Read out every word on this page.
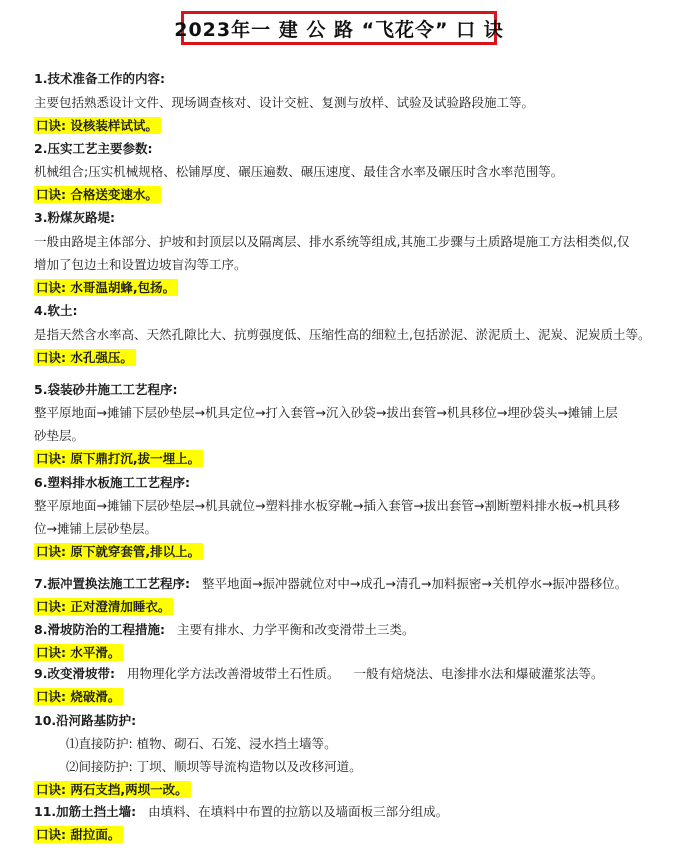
2023年一 建 公 路 “飞花令” 口 诀
1.技术准备工作的内容:
主要包括熟悉设计文件、现场调查核对、设计交桩、复测与放样、试验及试验路段施工等。
口诀: 设核装样试试。
2.压实工艺主要参数:
机械组合;压实机械规格、松铺厚度、碾压遍数、碾压速度、最佳含水率及碾压时含水率范围等。
口诀: 合格送变速水。
3.粉煤灰路堤:
一般由路堤主体部分、护坡和封顶层以及隔离层、排水系统等组成,其施工步骤与土质路堤施工方法相类似,仅
增加了包边土和设置边坡盲沟等工序。
口诀: 水哥温胡蜂,包扬。
4.软土:
是指天然含水率高、天然孔隙比大、抗剪强度低、压缩性高的细粒土,包括淤泥、淤泥质土、泥炭、泥炭质土等。
口诀: 水孔强压。
5.袋装砂井施工工艺程序:
整平原地面→摊铺下层砂垫层→机具定位→打入套管→沉入砂袋→拔出套管→机具移位→埋砂袋头→摊铺上层
砂垫层。
口诀: 原下鼎打沉,拔一埋上。
6.塑料排水板施工工艺程序:
整平原地面→摊铺下层砂垫层→机具就位→塑料排水板穿靴→插入套管→拔出套管→割断塑料排水板→机具移
位→摊铺上层砂垫层。
口诀: 原下就穿套管,排以上。
7.振冲置换法施工工艺程序: 整平地面→振冲器就位对中→成孔→清孔→加料振密→关机停水→振冲器移位。
口诀: 正对澄清加睡衣。
8.滑坡防治的工程措施: 主要有排水、力学平衡和改变滑带土三类。
口诀: 水平滑。
9.改变滑坡带: 用物理化学方法改善滑坡带土石性质。 一般有焙烧法、电渗排水法和爆破灌浆法等。
口诀: 烧破滑。
10.沿河路基防护:
⑴直接防护: 植物、砌石、石笼、浸水挡土墙等。
⑵间接防护: 丁坝、顺坝等导流构造物以及改移河道。
口诀: 两石支挡,两坝一改。
11.加筋土挡土墙: 由填料、在填料中布置的拉筋以及墙面板三部分组成。
口诀: 甜拉面。
